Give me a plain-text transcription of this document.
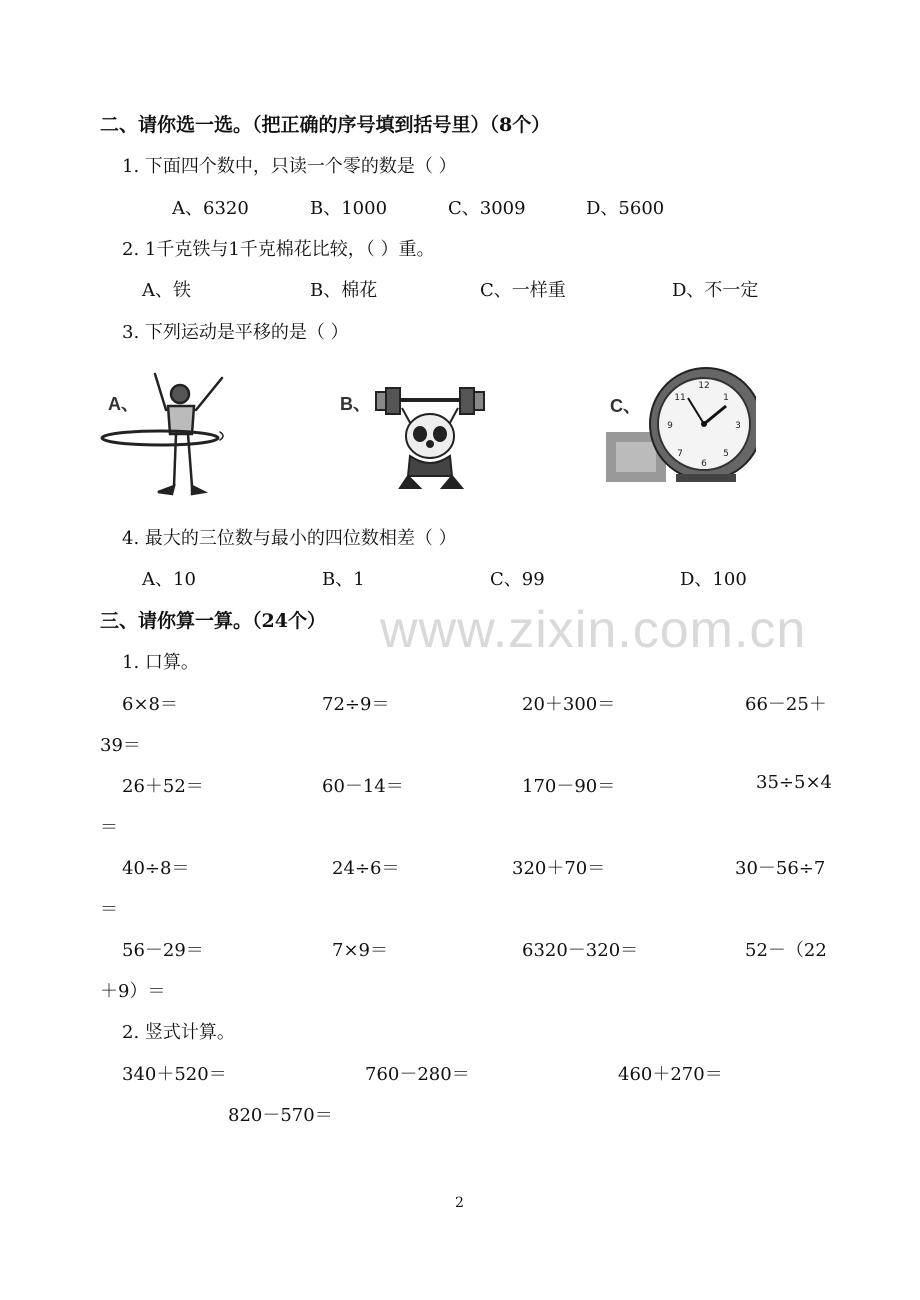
二、请你选一选。（把正确的序号填到括号里）（8个）
1. 下面四个数中，只读一个零的数是（ ）
A、6320	B、1000	C、3009	D、5600
2. 1千克铁与1千克棉花比较，（ ）重。
A、铁	B、棉花	C、一样重	D、不一定
3. 下列运动是平移的是（ ）
A、	B、	C、
12
1
3
5
6
7
9
11
4. 最大的三位数与最小的四位数相差（ ）
A、10	B、1	C、99	D、100
www.zixin.com.cn
三、请你算一算。（24个）
1. 口算。
6×8＝	72÷9＝	20＋300＝	66－25＋
39＝
26＋52＝	60－14＝	170－90＝	35÷5×4
＝
40÷8＝	24÷6＝	320＋70＝	30－56÷7
＝
56－29＝	7×9＝	6320－320＝	52－（22
＋9）＝
2. 竖式计算。
340＋520＝	760－280＝	460＋270＝
820－570＝
2
